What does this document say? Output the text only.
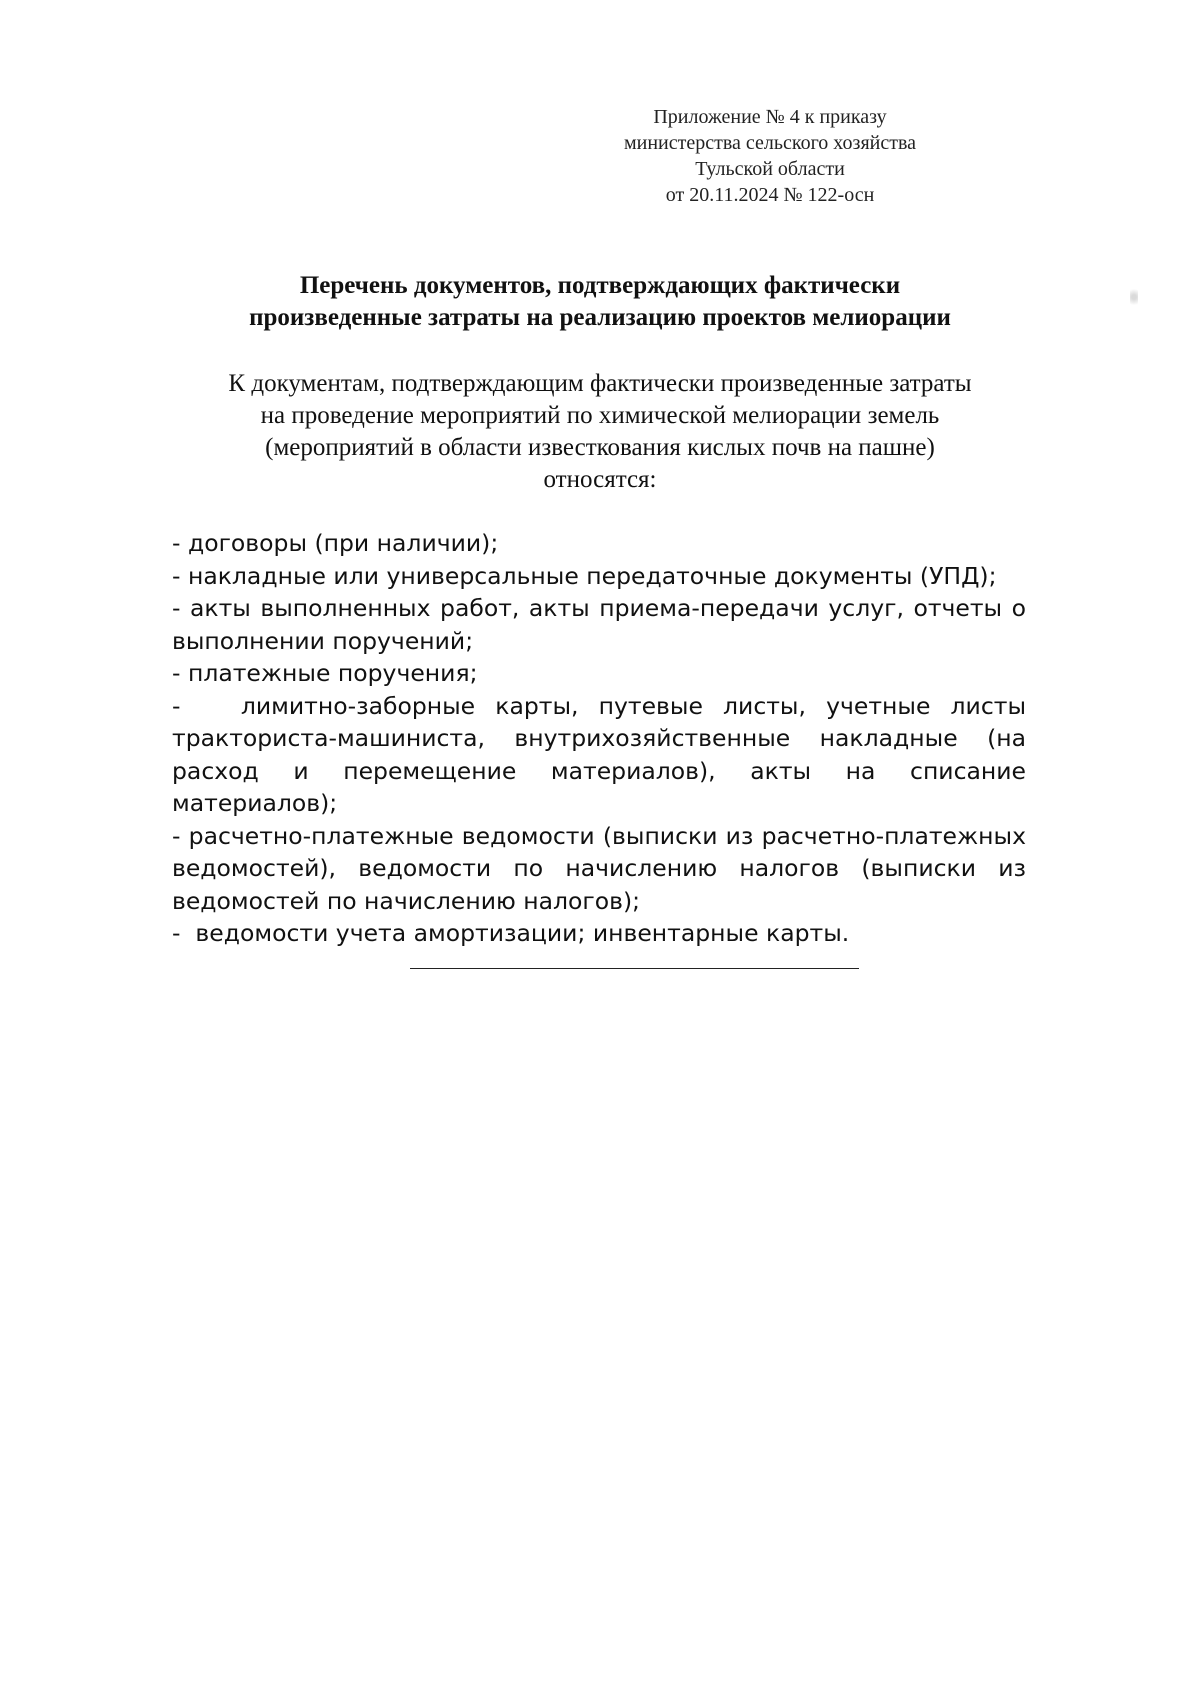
Приложение № 4 к приказу
министерства сельского хозяйства
Тульской области
от 20.11.2024 № 122-осн
Перечень документов, подтверждающих фактически
произведенные затраты на реализацию проектов мелиорации
К документам, подтверждающим фактически произведенные затраты
на проведение мероприятий по химической мелиорации земель
(мероприятий в области известкования кислых почв на пашне)
относятся:
- договоры (при наличии);
- накладные или универсальные передаточные документы (УПД);
- акты выполненных работ, акты приема-передачи услуг, отчеты о выполнении поручений;
- платежные поручения;
-   лимитно-заборные карты, путевые листы, учетные листы тракториста-машиниста, внутрихозяйственные накладные (на расход и перемещение материалов), акты на списание материалов);
- расчетно-платежные ведомости (выписки из расчетно-платежных ведомостей), ведомости по начислению налогов (выписки из ведомостей по начислению налогов);
-  ведомости учета амортизации; инвентарные карты.
